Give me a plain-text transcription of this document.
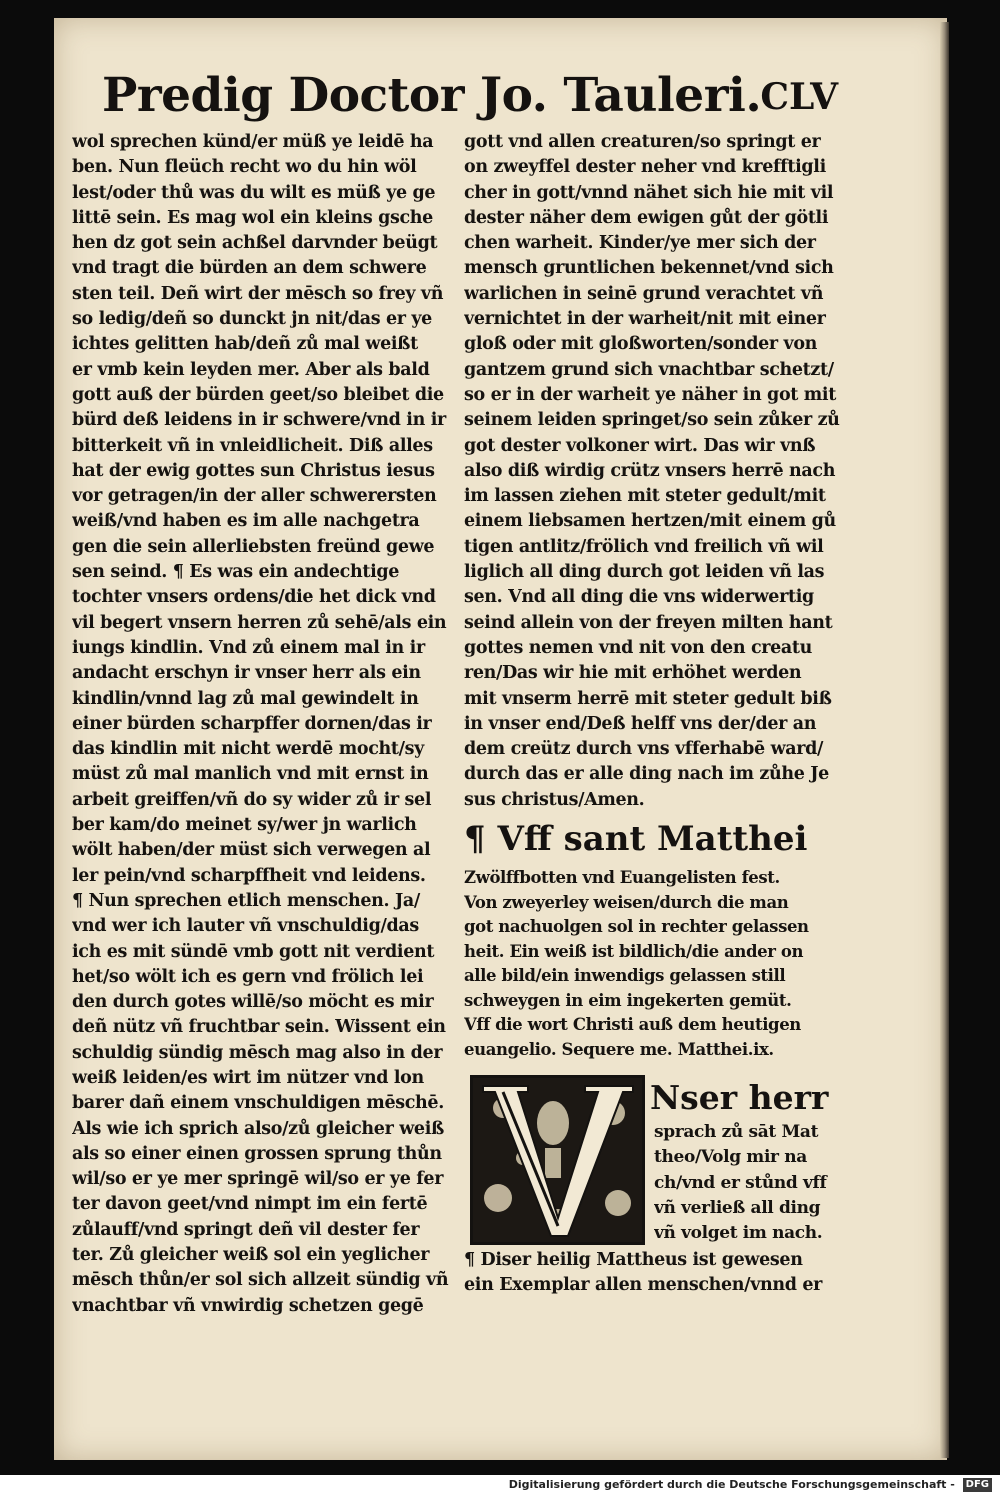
Predig Doctor Jo. Tauleri. CLV
wol sprechen künd/er müß ye leidē ha
ben. Nun fleüch recht wo du hin wöl
lest/oder thů was du wilt es müß ye ge
littē sein. Es mag wol ein kleins gsche
hen dz got sein achßel darvnder beügt
vnd tragt die bürden an dem schwere
sten teil. Deñ wirt der mēsch so frey vñ
so ledig/deñ so dunckt jn nit/das er ye
ichtes gelitten hab/deñ zů mal weißt
er vmb kein leyden mer. Aber als bald
gott auß der bürden geet/so bleibet die
bürd deß leidens in ir schwere/vnd in ir
bitterkeit vñ in vnleidlicheit. Diß alles
hat der ewig gottes sun Christus iesus
vor getragen/in der aller schwerersten
weiß/vnd haben es im alle nachgetra
gen die sein allerliebsten freünd gewe
sen seind. ¶ Es was ein andechtige
tochter vnsers ordens/die het dick vnd
vil begert vnsern herren zů sehē/als ein
iungs kindlin. Vnd zů einem mal in ir
andacht erschyn ir vnser herr als ein
kindlin/vnnd lag zů mal gewindelt in
einer bürden scharpffer dornen/das ir
das kindlin mit nicht werdē mocht/sy
müst zů mal manlich vnd mit ernst in
arbeit greiffen/vñ do sy wider zů ir sel
ber kam/do meinet sy/wer jn warlich
wölt haben/der müst sich verwegen al
ler pein/vnd scharpffheit vnd leidens.
¶ Nun sprechen etlich menschen. Ja/
vnd wer ich lauter vñ vnschuldig/das
ich es mit sündē vmb gott nit verdient
het/so wölt ich es gern vnd frölich lei
den durch gotes willē/so möcht es mir
deñ nütz vñ fruchtbar sein. Wissent ein
schuldig sündig mēsch mag also in der
weiß leiden/es wirt im nützer vnd lon
barer dañ einem vnschuldigen mēschē.
Als wie ich sprich also/zů gleicher weiß
als so einer einen grossen sprung thůn
wil/so er ye mer springē wil/so er ye fer
ter davon geet/vnd nimpt im ein fertē
zůlauff/vnd springt deñ vil dester fer
ter. Zů gleicher weiß sol ein yeglicher
mēsch thůn/er sol sich allzeit sündig vñ
vnachtbar vñ vnwirdig schetzen gegē
gott vnd allen creaturen/so springt er
on zweyffel dester neher vnd krefftigli
cher in gott/vnnd nähet sich hie mit vil
dester näher dem ewigen gůt der götli
chen warheit. Kinder/ye mer sich der
mensch gruntlichen bekennet/vnd sich
warlichen in seinē grund verachtet vñ
vernichtet in der warheit/nit mit einer
gloß oder mit gloßworten/sonder von
gantzem grund sich vnachtbar schetzt/
so er in der warheit ye näher in got mit
seinem leiden springet/so sein zůker zů
got dester volkoner wirt. Das wir vnß
also diß wirdig crütz vnsers herrē nach
im lassen ziehen mit steter gedult/mit
einem liebsamen hertzen/mit einem gů
tigen antlitz/frölich vnd freilich vñ wil
liglich all ding durch got leiden vñ las
sen. Vnd all ding die vns widerwertig
seind allein von der freyen milten hant
gottes nemen vnd nit von den creatu
ren/Das wir hie mit erhöhet werden
mit vnserm herrē mit steter gedult biß
in vnser end/Deß helff vns der/der an
dem creütz durch vns vfferhabē ward/
durch das er alle ding nach im zůhe Je
sus christus/Amen.
¶ Vff sant Matthei
Zwölffbotten vnd Euangelisten fest.
Von zweyerley weisen/durch die man
got nachuolgen sol in rechter gelassen
heit. Ein weiß ist bildlich/die ander on
alle bild/ein inwendigs gelassen still
schweygen in eim ingekerten gemüt.
Vff die wort Christi auß dem heutigen
euangelio. Sequere me. Matthei.ix.
Nser herr
sprach zů sāt Mat
theo/Volg mir na
ch/vnd er stůnd vff
vñ verließ all ding
vñ volget im nach.
¶ Diser heilig Mattheus ist gewesen
ein Exemplar allen menschen/vnnd er
Digitalisierung gefördert durch die Deutsche Forschungsgemeinschaft - DFG
